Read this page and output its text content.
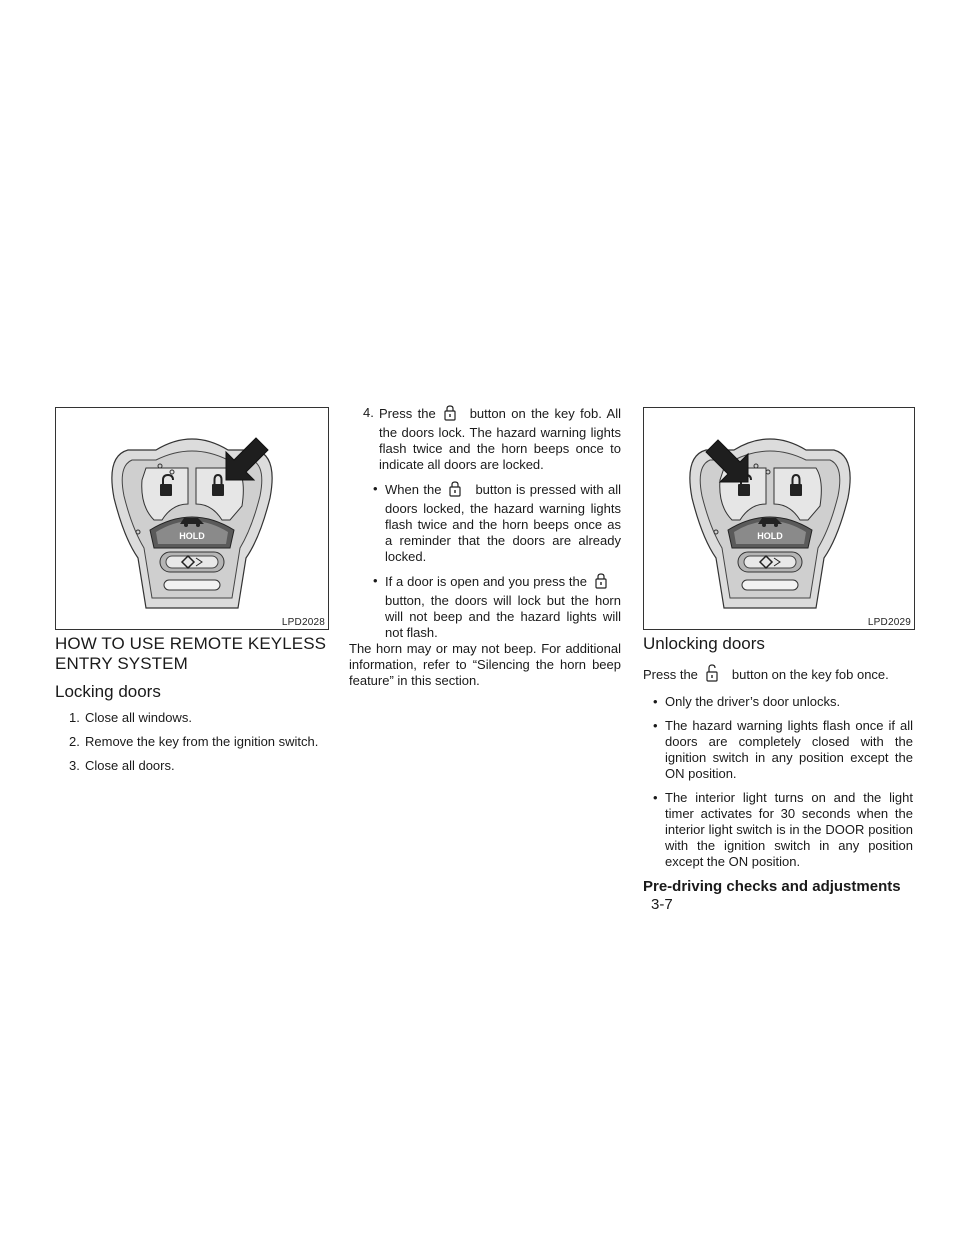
HOLD
LPD2028
HOLD
LPD2029
HOW TO USE REMOTE KEYLESS
ENTRY SYSTEM
Locking doors
1. Close all windows.
2. Remove the key from the ignition switch.
3. Close all doors.
4. Press the	button on the key fob. All the doors lock. The hazard warning lights flash twice and the horn beeps once to indicate all doors are locked.
• When the	button is pressed with all doors locked, the hazard warning lights flash twice and the horn beeps once as a reminder that the doors are already locked.
• If a door is open and you press thebutton, the doors will lock but the horn will not beep and the hazard lights will not flash.

The horn may or may not beep. For additional information, refer to “Silencing the horn beep feature” in this section.

Unlocking doors

Press the	button on the key fob once.

• Only the driver’s door unlocks.
• The hazard warning lights flash once if all doors are completely closed with the ignition switch in any position except the ON position.
• The interior light turns on and the light timer activates for 30 seconds when the interior light switch is in the DOOR position with the ignition switch in any position except the ON position.
Pre-driving checks and adjustments 3-7
